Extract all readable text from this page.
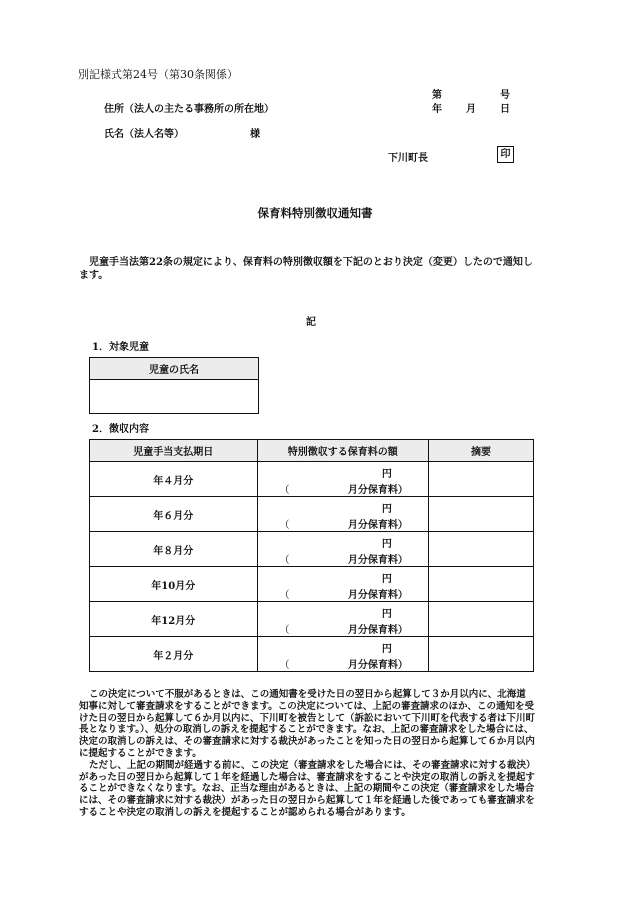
別記様式第24号（第30条関係）
第	号
住所（法人の主たる事務所の所在地）	年 月 日
氏名（法人名等）	様
下川町長	印
保育料特別徴収通知書
児童手当法第22条の規定により、保育料の特別徴収額を下記のとおり決定（変更）したので通知します。
記
1．対象児童
児童の氏名

2．徴収内容
児童手当支払期日	特別徴収する保育料の額	摘要
年４月分	円
（ 月分保育料）	

年６月分	円
（ 月分保育料）	

年８月分	円
（ 月分保育料）	

年10月分	円
（ 月分保育料）	

年12月分	円
（ 月分保育料）	

年２月分	円
（ 月分保育料）	

この決定について不服があるときは、この通知書を受けた日の翌日から起算して３か月以内に、北海道知事に対して審査請求をすることができます。この決定については、上記の審査請求のほか、この通知を受けた日の翌日から起算して６か月以内に、下川町を被告として（訴訟において下川町を代表する者は下川町長となります。）、処分の取消しの訴えを提起することができます。なお、上記の審査請求をした場合には、決定の取消しの訴えは、その審査請求に対する裁決があったことを知った日の翌日から起算して６か月以内に提起することができます。

ただし、上記の期間が経過する前に、この決定（審査請求をした場合には、その審査請求に対する裁決）があった日の翌日から起算して１年を経過した場合は、審査請求をすることや決定の取消しの訴えを提起することができなくなります。なお、正当な理由があるときは、上記の期間やこの決定（審査請求をした場合には、その審査請求に対する裁決）があった日の翌日から起算して１年を経過した後であっても審査請求をすることや決定の取消しの訴えを提起することが認められる場合があります。
